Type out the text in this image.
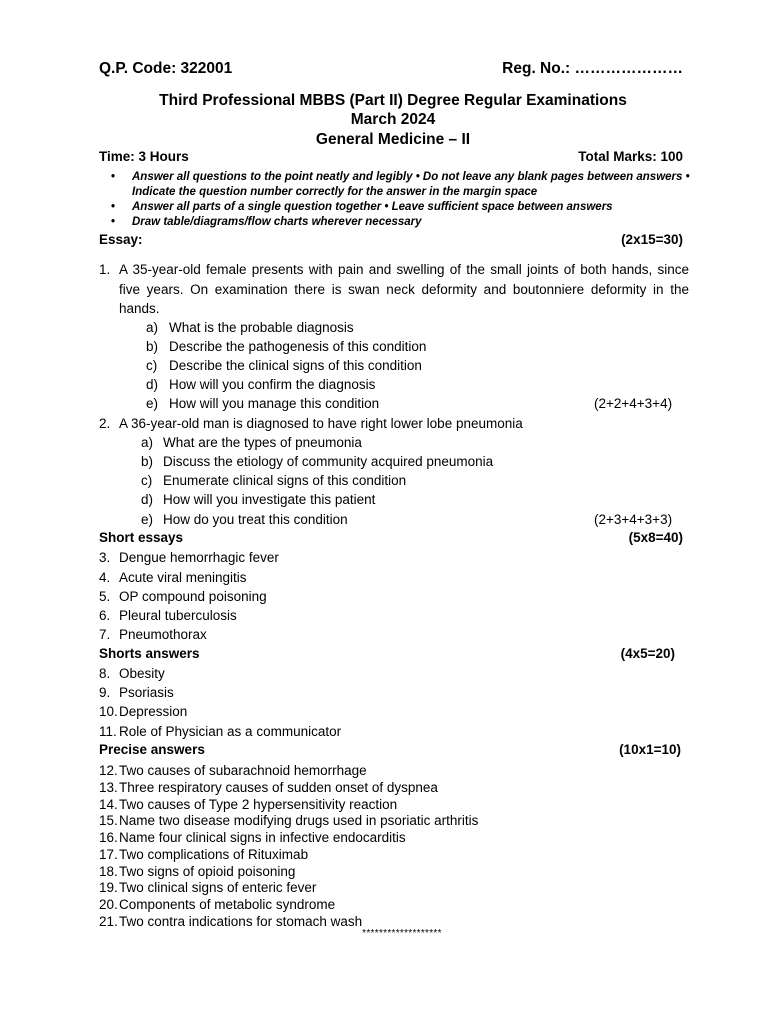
Q.P. Code: 322001	Reg. No.: …………………
Third Professional MBBS (Part II) Degree Regular Examinations
March 2024
General Medicine – II
Time: 3 Hours	Total Marks: 100
• Answer all questions to the point neatly and legibly • Do not leave any blank pages between answers • Indicate the question number correctly for the answer in the margin space
• Answer all parts of a single question together • Leave sufficient space between answers
• Draw table/diagrams/flow charts wherever necessary
Essay:	(2x15=30)
1. A 35-year-old female presents with pain and swelling of the small joints of both hands, since five years. On examination there is swan neck deformity and boutonniere deformity in the hands.
a) What is the probable diagnosis
b) Describe the pathogenesis of this condition
c) Describe the clinical signs of this condition
d) How will you confirm the diagnosis
e) How will you manage this condition	(2+2+4+3+4)
2. A 36-year-old man is diagnosed to have right lower lobe pneumonia
a) What are the types of pneumonia
b) Discuss the etiology of community acquired pneumonia
c) Enumerate clinical signs of this condition
d) How will you investigate this patient
e) How do you treat this condition	(2+3+4+3+3)
Short essays	(5x8=40)
3. Dengue hemorrhagic fever
4. Acute viral meningitis
5. OP compound poisoning
6. Pleural tuberculosis
7. Pneumothorax
Shorts answers	(4x5=20)
8. Obesity
9. Psoriasis
10. Depression
11. Role of Physician as a communicator
Precise answers	(10x1=10)
12. Two causes of subarachnoid hemorrhage
13. Three respiratory causes of sudden onset of dyspnea
14. Two causes of Type 2 hypersensitivity reaction
15. Name two disease modifying drugs used in psoriatic arthritis
16. Name four clinical signs in infective endocarditis
17. Two complications of Rituximab
18. Two signs of opioid poisoning
19. Two clinical signs of enteric fever
20. Components of metabolic syndrome
21. Two contra indications for stomach wash
*******************
